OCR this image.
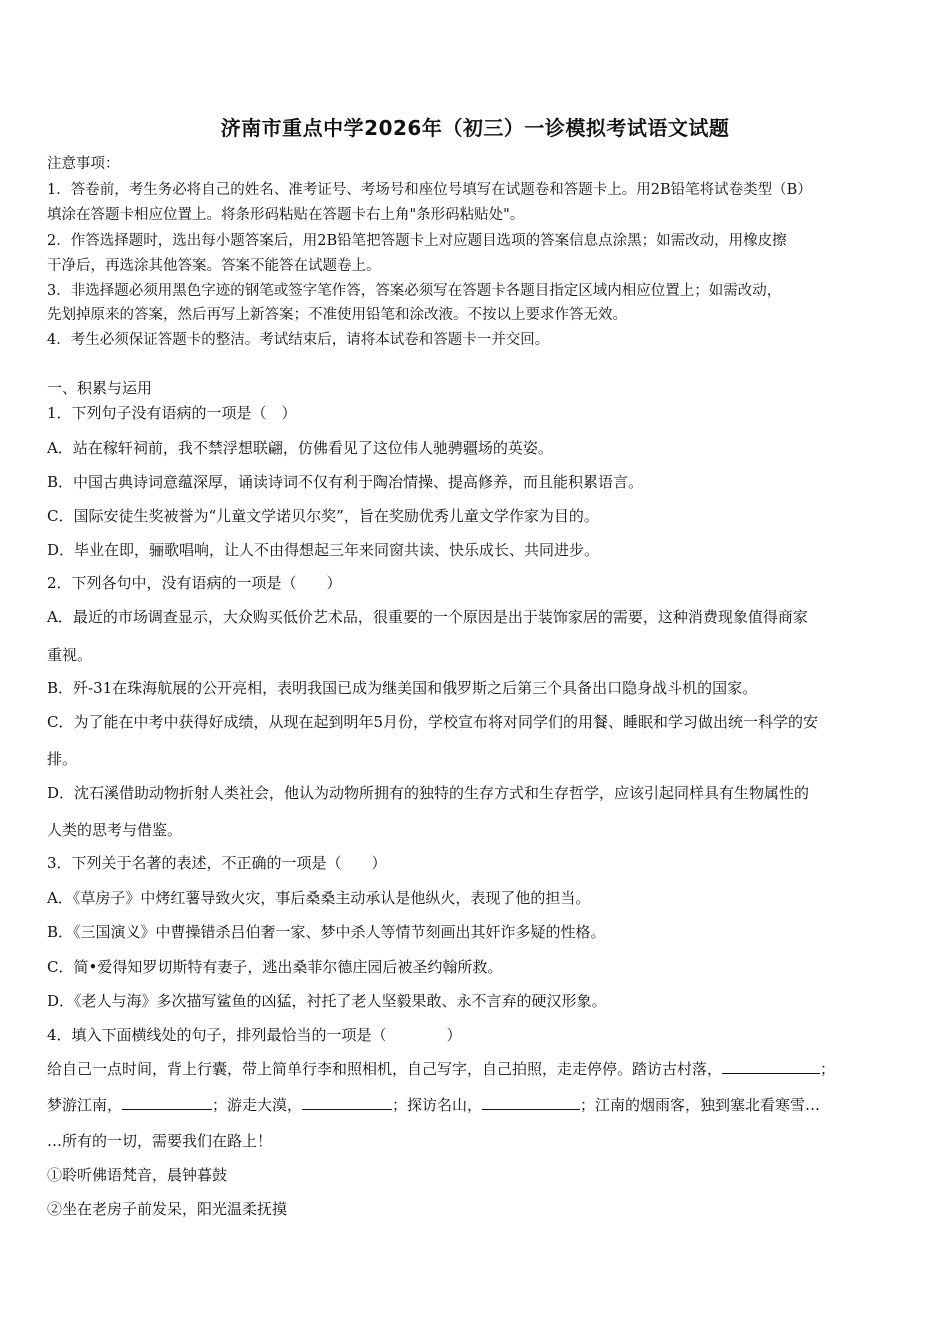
济南市重点中学2026年（初三）一诊模拟考试语文试题
注意事项：
1．答卷前，考生务必将自己的姓名、准考证号、考场号和座位号填写在试题卷和答题卡上。用2B铅笔将试卷类型（B）
填涂在答题卡相应位置上。将条形码粘贴在答题卡右上角"条形码粘贴处"。
2．作答选择题时，选出每小题答案后，用2B铅笔把答题卡上对应题目选项的答案信息点涂黑；如需改动，用橡皮擦
干净后，再选涂其他答案。答案不能答在试题卷上。
3．非选择题必须用黑色字迹的钢笔或签字笔作答，答案必须写在答题卡各题目指定区域内相应位置上；如需改动，
先划掉原来的答案，然后再写上新答案；不准使用铅笔和涂改液。不按以上要求作答无效。
4．考生必须保证答题卡的整洁。考试结束后，请将本试卷和答题卡一并交回。
一、积累与运用
1．下列句子没有语病的一项是（　）
A．站在稼轩祠前，我不禁浮想联翩，仿佛看见了这位伟人驰骋疆场的英姿。
B．中国古典诗词意蕴深厚，诵读诗词不仅有利于陶冶情操、提高修养，而且能积累语言。
C．国际安徒生奖被誉为“儿童文学诺贝尔奖”，旨在奖励优秀儿童文学作家为目的。
D．毕业在即，骊歌唱响，让人不由得想起三年来同窗共读、快乐成长、共同进步。
2．下列各句中，没有语病的一项是（　　）
A．最近的市场调查显示，大众购买低价艺术品，很重要的一个原因是出于装饰家居的需要，这种消费现象值得商家
重视。
B．歼-31在珠海航展的公开亮相，表明我国已成为继美国和俄罗斯之后第三个具备出口隐身战斗机的国家。
C．为了能在中考中获得好成绩，从现在起到明年5月份，学校宣布将对同学们的用餐、睡眠和学习做出统一科学的安
排。
D．沈石溪借助动物折射人类社会，他认为动物所拥有的独特的生存方式和生存哲学，应该引起同样具有生物属性的
人类的思考与借鉴。
3．下列关于名著的表述，不正确的一项是（　　）
A．《草房子》中烤红薯导致火灾，事后桑桑主动承认是他纵火，表现了他的担当。
B．《三国演义》中曹操错杀吕伯奢一家、梦中杀人等情节刻画出其奸诈多疑的性格。
C．简•爱得知罗切斯特有妻子，逃出桑菲尔德庄园后被圣约翰所救。
D．《老人与海》多次描写鲨鱼的凶猛，衬托了老人坚毅果敢、永不言弃的硬汉形象。
4．填入下面横线处的句子，排列最恰当的一项是（　　　　）
给自己一点时间，背上行囊，带上简单行李和照相机，自己写字，自己拍照，走走停停。踏访古村落，	；
梦游江南，	；游走大漠，	；探访名山，	；江南的烟雨客，独到塞北看寒雪…
…所有的一切，需要我们在路上！
①聆听佛语梵音，晨钟暮鼓
②坐在老房子前发呆，阳光温柔抚摸
